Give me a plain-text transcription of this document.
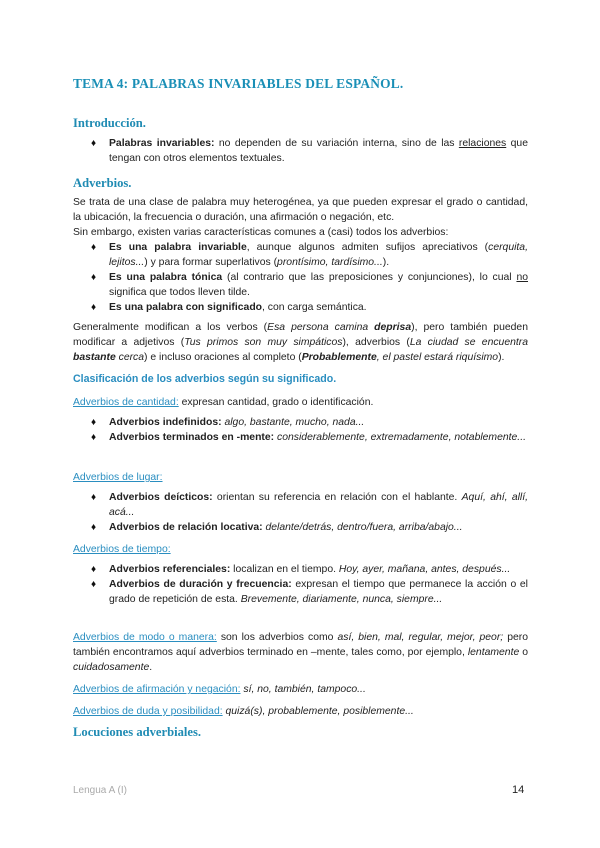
TEMA 4: PALABRAS INVARIABLES DEL ESPAÑOL.
Introducción.
♦ Palabras invariables: no dependen de su variación interna, sino de las relaciones que tengan con otros elementos textuales.
Adverbios.

Se trata de una clase de palabra muy heterogénea, ya que pueden expresar el grado o cantidad, la ubicación, la frecuencia o duración, una afirmación o negación, etc.

Sin embargo, existen varias características comunes a (casi) todos los adverbios:

♦ Es una palabra invariable, aunque algunos admiten sufijos apreciativos (cerquita, lejitos...) y para formar superlativos (prontísimo, tardísimo...).
♦ Es una palabra tónica (al contrario que las preposiciones y conjunciones), lo cual no significa que todos lleven tilde.
♦ Es una palabra con significado, con carga semántica.

Generalmente modifican a los verbos (Esa persona camina deprisa), pero también pueden modificar a adjetivos (Tus primos son muy simpáticos), adverbios (La ciudad se encuentra bastante cerca) e incluso oraciones al completo (Probablemente, el pastel estará riquísimo).

Clasificación de los adverbios según su significado.

Adverbios de cantidad: expresan cantidad, grado o identificación.

♦ Adverbios indefinidos: algo, bastante, mucho, nada...
♦ Adverbios terminados en -mente: considerablemente, extremadamente, notablemente...

Adverbios de lugar:

♦ Adverbios deícticos: orientan su referencia en relación con el hablante. Aquí, ahí, allí, acá...
♦ Adverbios de relación locativa: delante/detrás, dentro/fuera, arriba/abajo...

Adverbios de tiempo:

♦ Adverbios referenciales: localizan en el tiempo. Hoy, ayer, mañana, antes, después...
♦ Adverbios de duración y frecuencia: expresan el tiempo que permanece la acción o el grado de repetición de esta. Brevemente, diariamente, nunca, siempre...

Adverbios de modo o manera: son los adverbios como así, bien, mal, regular, mejor, peor; pero también encontramos aquí adverbios terminado en –mente, tales como, por ejemplo, lentamente o cuidadosamente.

Adverbios de afirmación y negación: sí, no, también, tampoco...

Adverbios de duda y posibilidad: quizá(s), probablemente, posiblemente...

Locuciones adverbiales.
Lengua A (I)	14
